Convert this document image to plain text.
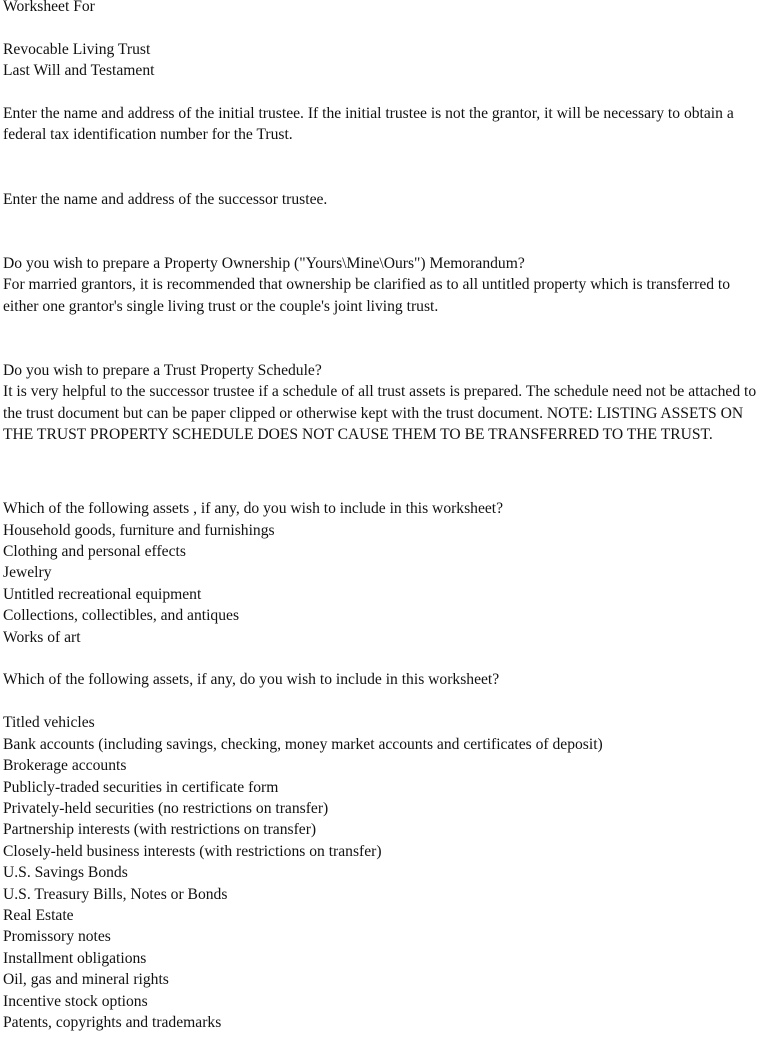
Worksheet For
Revocable Living Trust
Last Will and Testament
Enter the name and address of the initial trustee. If the initial trustee is not the grantor, it will be necessary to obtain a federal tax identification number for the Trust.
Enter the name and address of the successor trustee.
Do you wish to prepare a Property Ownership ("Yours\Mine\Ours") Memorandum?
For married grantors, it is recommended that ownership be clarified as to all untitled property which is transferred to either one grantor's single living trust or the couple's joint living trust.
Do you wish to prepare a Trust Property Schedule?
It is very helpful to the successor trustee if a schedule of all trust assets is prepared. The schedule need not be attached to the trust document but can be paper clipped or otherwise kept with the trust document. NOTE: LISTING ASSETS ON THE TRUST PROPERTY SCHEDULE DOES NOT CAUSE THEM TO BE TRANSFERRED TO THE TRUST.
Which of the following assets , if any, do you wish to include in this worksheet?
Household goods, furniture and furnishings
Clothing and personal effects
Jewelry
Untitled recreational equipment
Collections, collectibles, and antiques
Works of art
Which of the following assets, if any, do you wish to include in this worksheet?
Titled vehicles
Bank accounts (including savings, checking, money market accounts and certificates of deposit)
Brokerage accounts
Publicly-traded securities in certificate form
Privately-held securities (no restrictions on transfer)
Partnership interests (with restrictions on transfer)
Closely-held business interests (with restrictions on transfer)
U.S. Savings Bonds
U.S. Treasury Bills, Notes or Bonds
Real Estate
Promissory notes
Installment obligations
Oil, gas and mineral rights
Incentive stock options
Patents, copyrights and trademarks
